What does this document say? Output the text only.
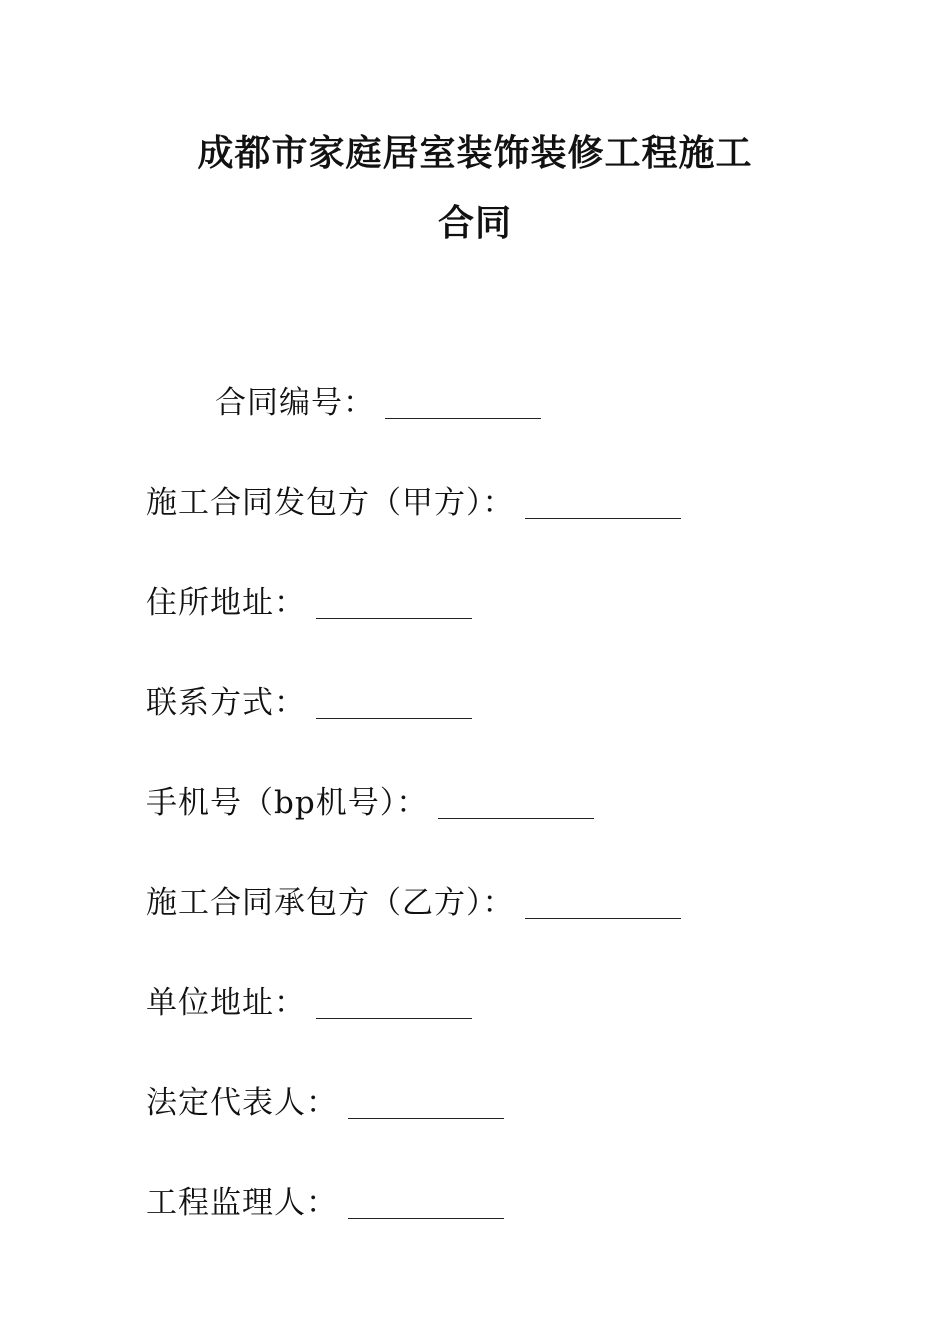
成都市家庭居室装饰装修工程施工
合同
合同编号：
施工合同发包方（甲方）：
住所地址：
联系方式：
手机号（bp机号）：
施工合同承包方（乙方）：
单位地址：
法定代表人：
工程监理人：
